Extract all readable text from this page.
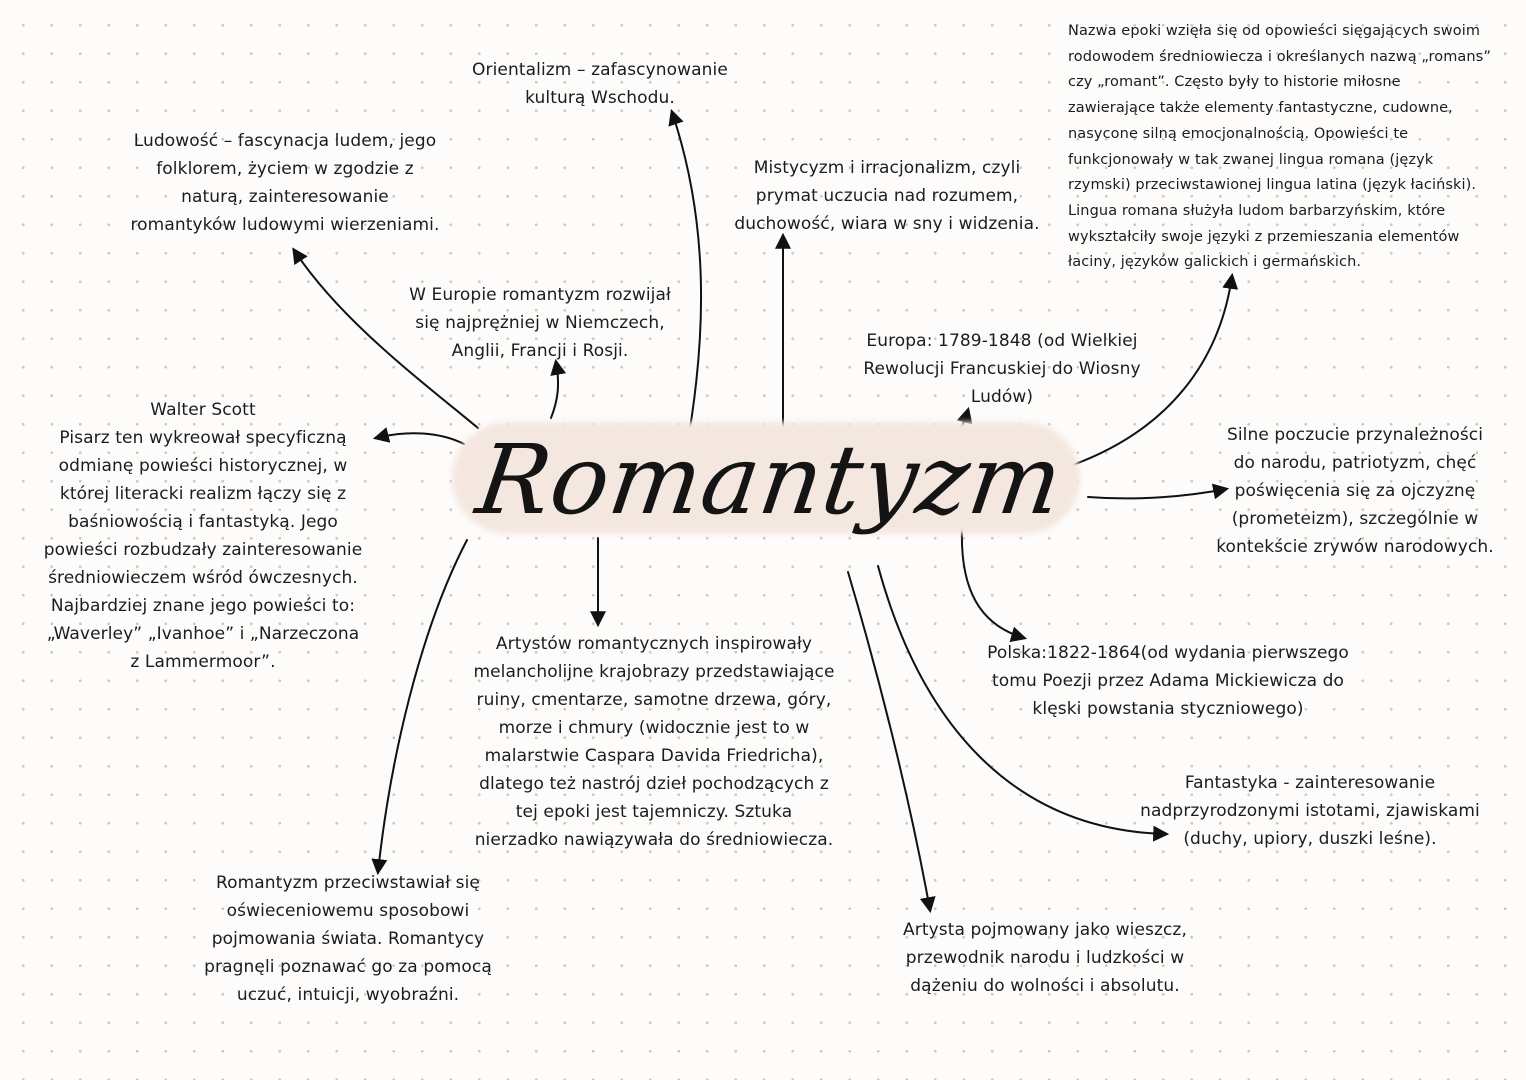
Romantyzm
Ludowość – fascynacja ludem, jego
folklorem, życiem w zgodzie z
naturą, zainteresowanie
romantyków ludowymi wierzeniami.
Orientalizm – zafascynowanie
kulturą Wschodu.
Mistycyzm i irracjonalizm, czyli
prymat uczucia nad rozumem,
duchowość, wiara w sny i widzenia.
Nazwa epoki wzięła się od opowieści sięgających swoim
rodowodem średniowiecza i określanych nazwą „romans”
czy „romant”. Często były to historie miłosne
zawierające także elementy fantastyczne, cudowne,
nasycone silną emocjonalnością. Opowieści te
funkcjonowały w tak zwanej lingua romana (język
rzymski) przeciwstawionej lingua latina (język łaciński).
Lingua romana służyła ludom barbarzyńskim, które
wykształciły swoje języki z przemieszania elementów
łaciny, języków galickich i germańskich.
W Europie romantyzm rozwijał
się najprężniej w Niemczech,
Anglii, Francji i Rosji.	Europa: 1789-1848 (od Wielkiej
Rewolucji Francuskiej do Wiosny
Ludów)
Walter Scott
Pisarz ten wykreował specyficzną
odmianę powieści historycznej, w
której literacki realizm łączy się z
baśniowością i fantastyką. Jego
powieści rozbudzały zainteresowanie
średniowieczem wśród ówczesnych.
Najbardziej znane jego powieści to:
„Waverley” „Ivanhoe” i „Narzeczona
z Lammermoor”.
Silne poczucie przynależności
do narodu, patriotyzm, chęć
poświęcenia się za ojczyznę
(prometeizm), szczególnie w
kontekście zrywów narodowych.
Artystów romantycznych inspirowały
melancholijne krajobrazy przedstawiające
ruiny, cmentarze, samotne drzewa, góry,
morze i chmury (widocznie jest to w
malarstwie Caspara Davida Friedricha),
dlatego też nastrój dzieł pochodzących z
tej epoki jest tajemniczy. Sztuka
nierzadko nawiązywała do średniowiecza.
Polska:1822-1864(od wydania pierwszego
tomu Poezji przez Adama Mickiewicza do
klęski powstania styczniowego)
Fantastyka - zainteresowanie
nadprzyrodzonymi istotami, zjawiskami
(duchy, upiory, duszki leśne).
Romantyzm przeciwstawiał się
oświeceniowemu sposobowi
pojmowania świata. Romantycy
pragnęli poznawać go za pomocą
uczuć, intuicji, wyobraźni.
Artysta pojmowany jako wieszcz,
przewodnik narodu i ludzkości w
dążeniu do wolności i absolutu.
